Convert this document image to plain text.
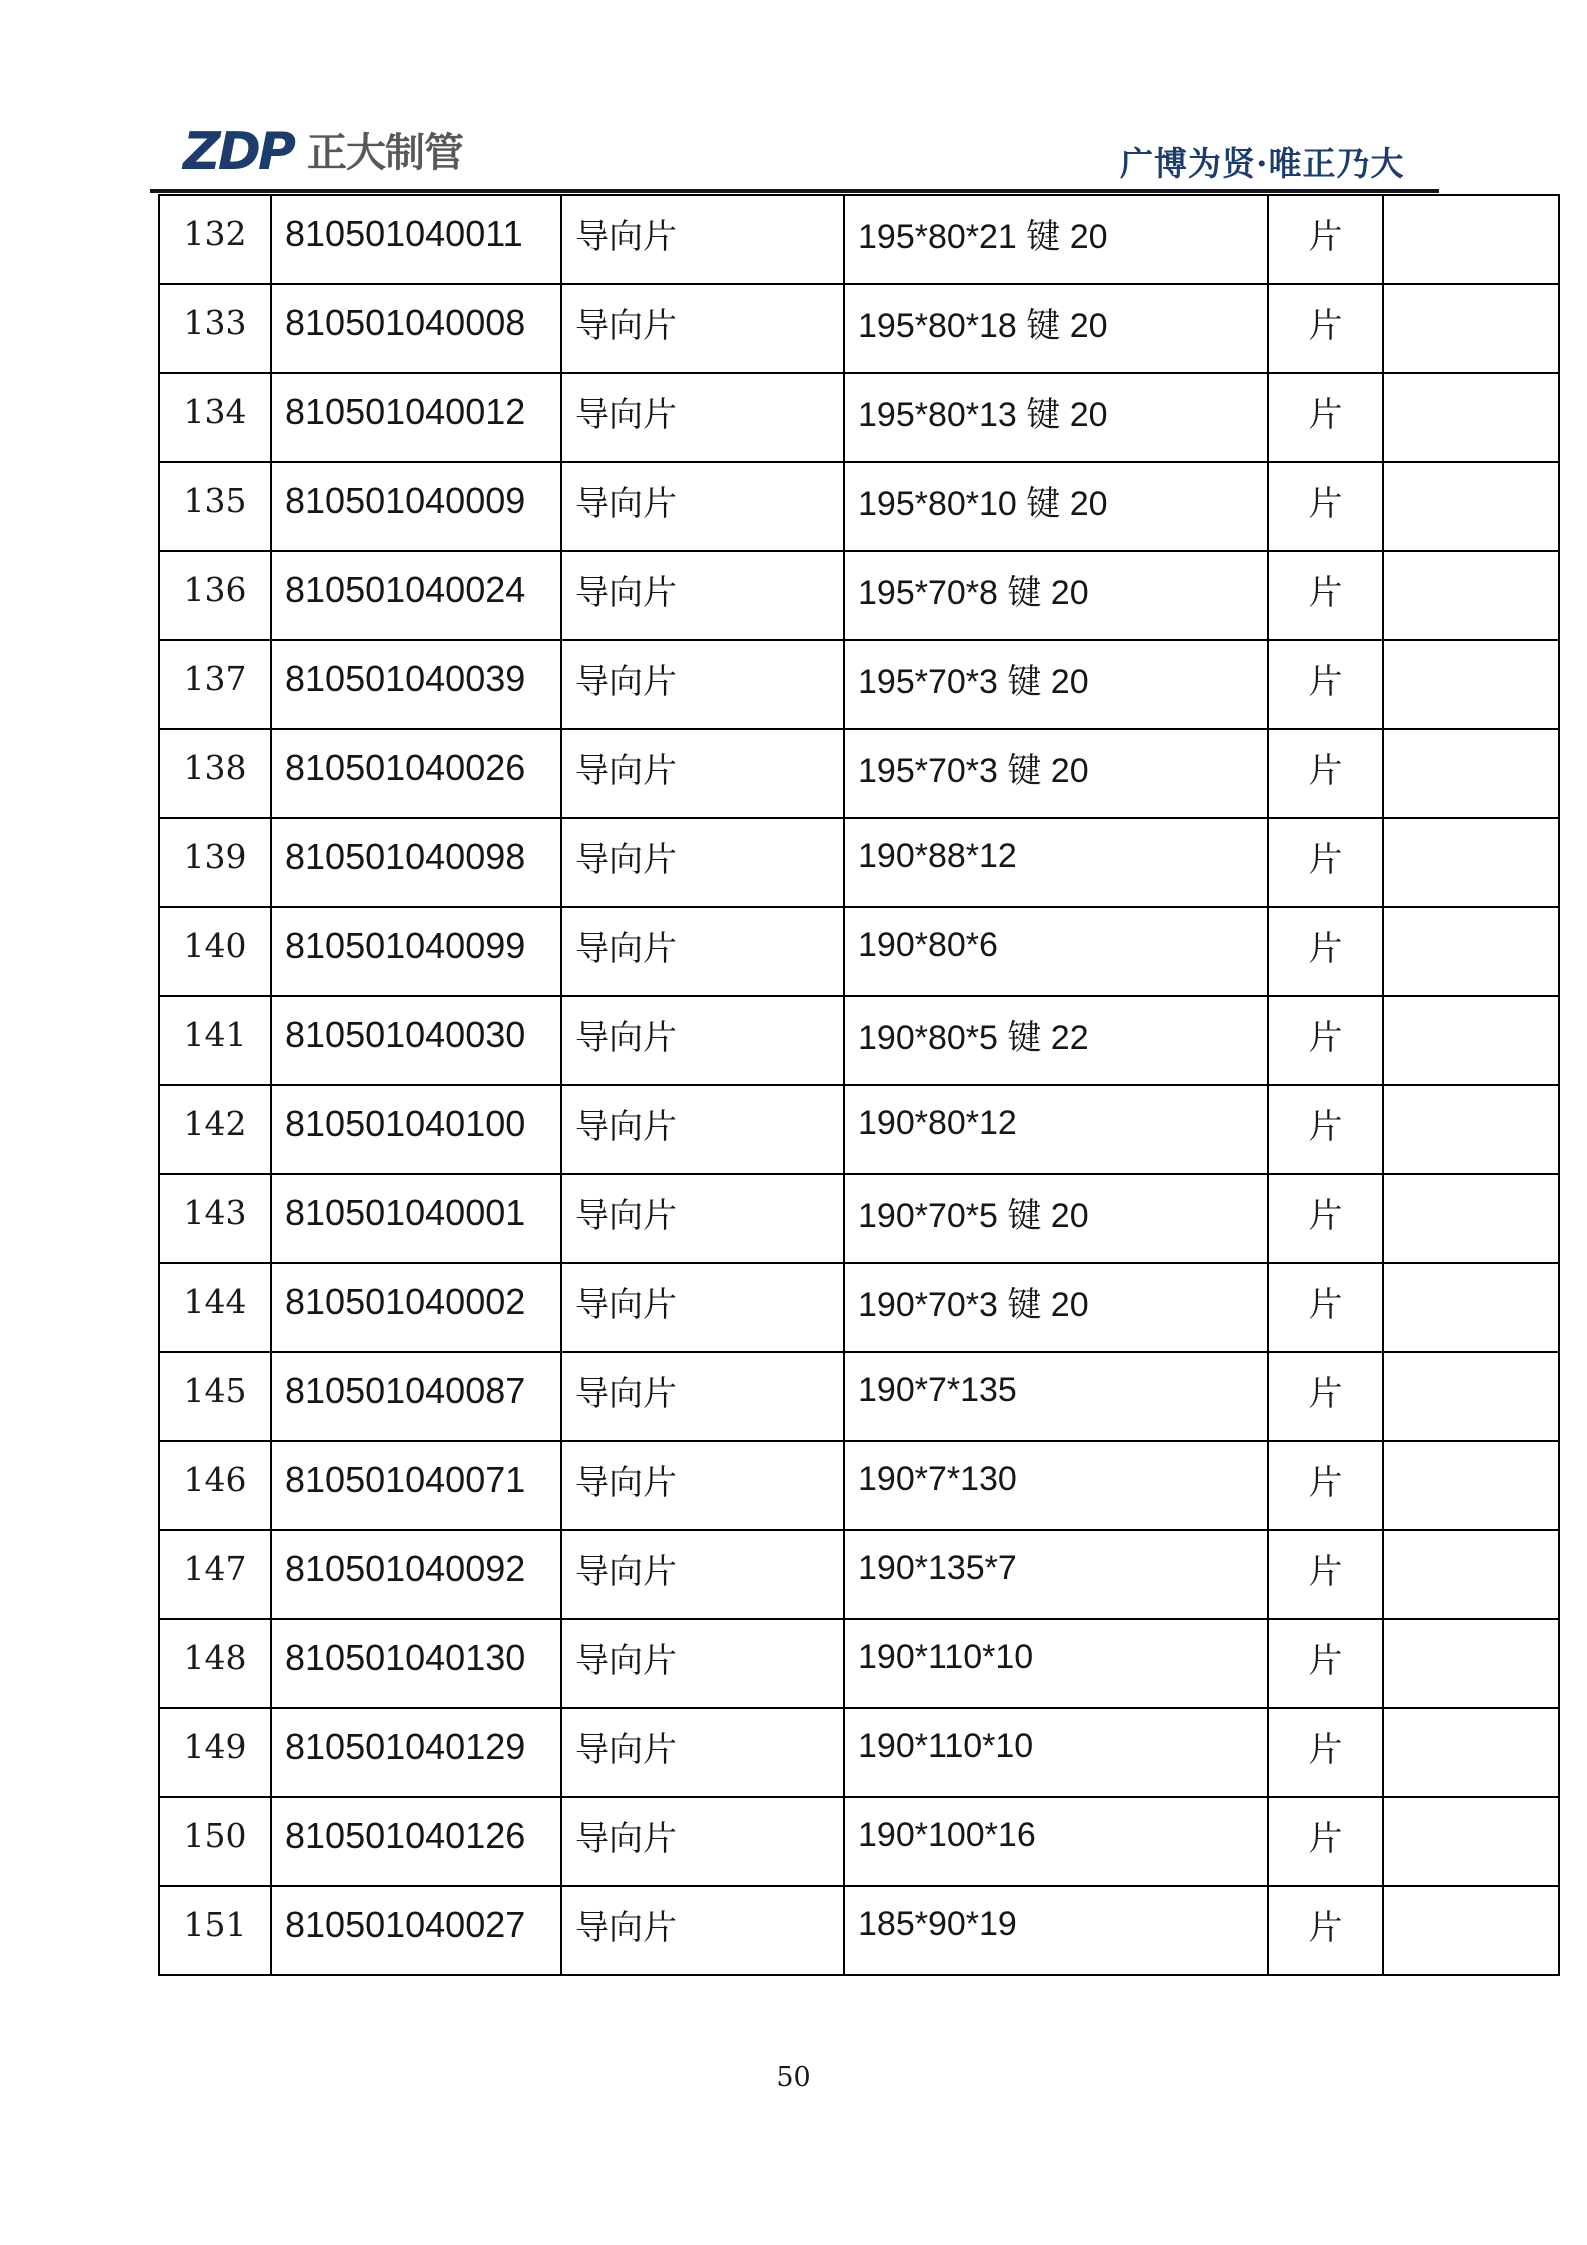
ZDP 正大制管	广博为贤·唯正乃大
132	810501040011	导向片	195*80*21 键 20	片	
133	810501040008	导向片	195*80*18 键 20	片	
134	810501040012	导向片	195*80*13 键 20	片	
135	810501040009	导向片	195*80*10 键 20	片	
136	810501040024	导向片	195*70*8 键 20	片	
137	810501040039	导向片	195*70*3 键 20	片	
138	810501040026	导向片	195*70*3 键 20	片	
139	810501040098	导向片	190*88*12	片	
140	810501040099	导向片	190*80*6	片	
141	810501040030	导向片	190*80*5 键 22	片	
142	810501040100	导向片	190*80*12	片	
143	810501040001	导向片	190*70*5 键 20	片	
144	810501040002	导向片	190*70*3 键 20	片	
145	810501040087	导向片	190*7*135	片	
146	810501040071	导向片	190*7*130	片	
147	810501040092	导向片	190*135*7	片	
148	810501040130	导向片	190*110*10	片	
149	810501040129	导向片	190*110*10	片	
150	810501040126	导向片	190*100*16	片	
151	810501040027	导向片	185*90*19	片	
50
